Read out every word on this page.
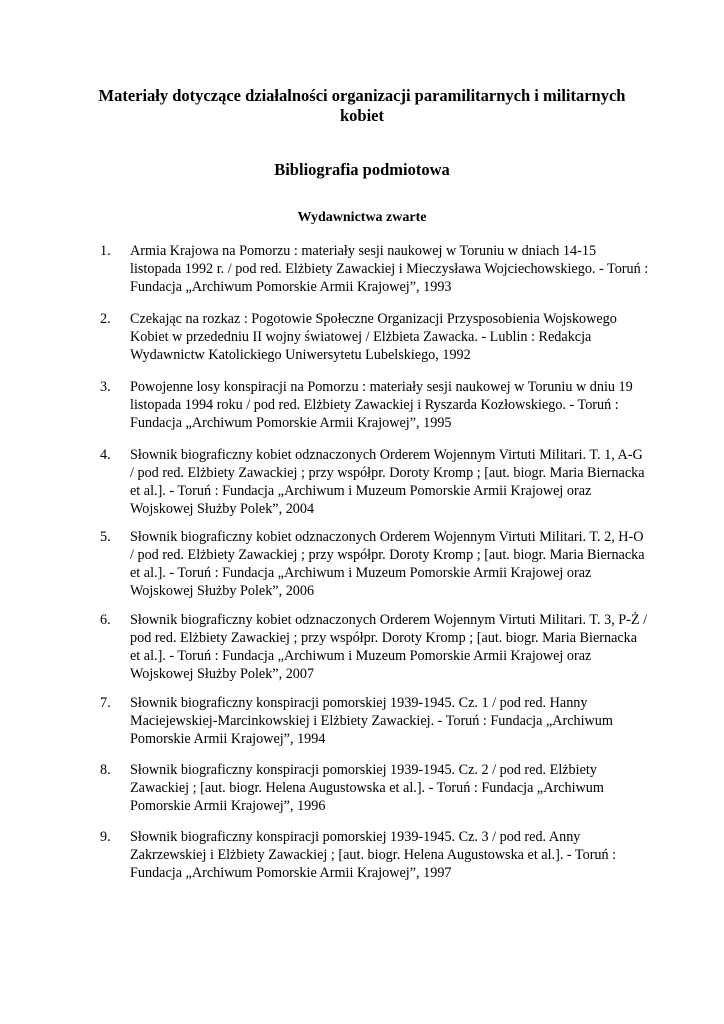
Materiały dotyczące działalności organizacji paramilitarnych i militarnych kobiet
Bibliografia podmiotowa
Wydawnictwa zwarte
1.	Armia Krajowa na Pomorzu : materiały sesji naukowej w Toruniu w dniach 14-15 listopada 1992 r. / pod red. Elżbiety Zawackiej i Mieczysława Wojciechowskiego. - Toruń : Fundacja „Archiwum Pomorskie Armii Krajowej”, 1993
2.	Czekając na rozkaz : Pogotowie Społeczne Organizacji Przysposobienia Wojskowego Kobiet w przededniu II wojny światowej / Elżbieta Zawacka. - Lublin : Redakcja Wydawnictw Katolickiego Uniwersytetu Lubelskiego, 1992
3.	Powojenne losy konspiracji na Pomorzu : materiały sesji naukowej w Toruniu w dniu 19 listopada 1994 roku / pod red. Elżbiety Zawackiej i Ryszarda Kozłowskiego. - Toruń : Fundacja „Archiwum Pomorskie Armii Krajowej”, 1995
4.	Słownik biograficzny kobiet odznaczonych Orderem Wojennym Virtuti Militari. T. 1, A-G / pod red. Elżbiety Zawackiej ; przy współpr. Doroty Kromp ; [aut. biogr. Maria Biernacka et al.]. - Toruń : Fundacja „Archiwum i Muzeum Pomorskie Armii Krajowej oraz Wojskowej Służby Polek”, 2004
5.	Słownik biograficzny kobiet odznaczonych Orderem Wojennym Virtuti Militari. T. 2, H-O / pod red. Elżbiety Zawackiej ; przy współpr. Doroty Kromp ; [aut. biogr. Maria Biernacka et al.]. - Toruń : Fundacja „Archiwum i Muzeum Pomorskie Armii Krajowej oraz Wojskowej Służby Polek”, 2006
6.	Słownik biograficzny kobiet odznaczonych Orderem Wojennym Virtuti Militari. T. 3, P-Ż / pod red. Elżbiety Zawackiej ; przy współpr. Doroty Kromp ; [aut. biogr. Maria Biernacka et al.]. - Toruń : Fundacja „Archiwum i Muzeum Pomorskie Armii Krajowej oraz Wojskowej Służby Polek”, 2007
7.	Słownik biograficzny konspiracji pomorskiej 1939-1945. Cz. 1 / pod red. Hanny Maciejewskiej-Marcinkowskiej i Elżbiety Zawackiej. - Toruń : Fundacja „Archiwum Pomorskie Armii Krajowej”, 1994
8.	Słownik biograficzny konspiracji pomorskiej 1939-1945. Cz. 2 / pod red. Elżbiety Zawackiej ; [aut. biogr. Helena Augustowska et al.]. - Toruń : Fundacja „Archiwum Pomorskie Armii Krajowej”, 1996
9.	Słownik biograficzny konspiracji pomorskiej 1939-1945. Cz. 3 / pod red. Anny Zakrzewskiej i Elżbiety Zawackiej ; [aut. biogr. Helena Augustowska et al.]. - Toruń : Fundacja „Archiwum Pomorskie Armii Krajowej”, 1997
